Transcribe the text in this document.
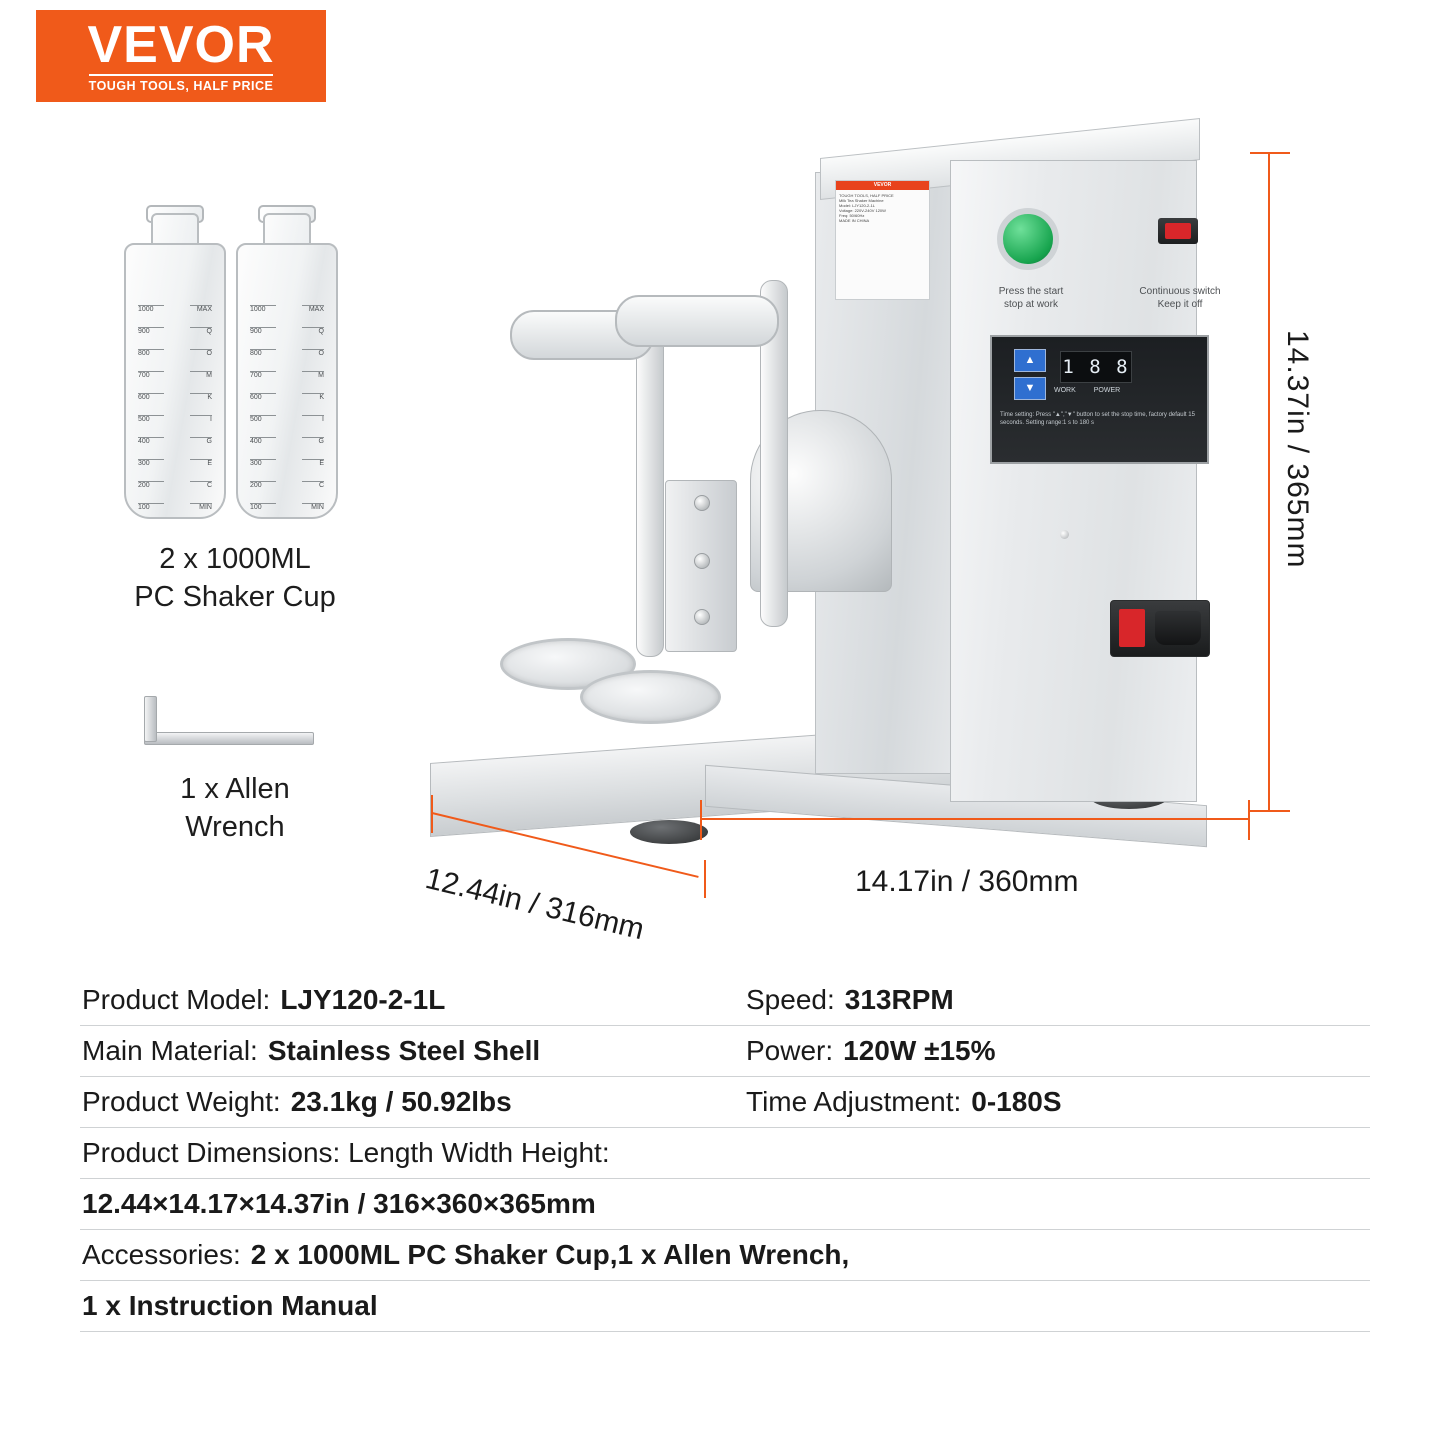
VEVOR
TOUGH TOOLS, HALF PRICE
1000	MAX
900	Q
800	O
700	M
600	K
500	I
400	G
300	E
200	C
100	MIN
1000	MAX
900	Q
800	O
700	M
600	K
500	I
400	G
300	E
200	C
100	MIN
2 x 1000ML
PC Shaker Cup
1 x Allen
Wrench
VEVOR
TOUGH TOOLS, HALF PRICE
Milk Tea Shaker Machine
Model: LJY120-2-1L
Voltage: 220V-240V 120W
Freq: 50/60Hz
MADE IN CHINA
Press the start
stop at work
Continuous switch
Keep it off
▲
▼
1 8 8
WORK	POWER
Time setting: Press "▲","▼" button to set the stop time, factory default 15 seconds. Setting range:1 s to 180 s	14.37in / 365mm
14.17in / 360mm
12.44in / 316mm
Product Model: LJY120-2-1L	Speed: 313RPM
Main Material: Stainless Steel Shell	Power: 120W ±15%
Product Weight: 23.1kg / 50.92lbs	Time Adjustment: 0-180S
Product Dimensions: Length Width Height:
12.44×14.17×14.37in / 316×360×365mm
Accessories: 2 x 1000ML PC Shaker Cup,1 x Allen Wrench,
1 x Instruction Manual
